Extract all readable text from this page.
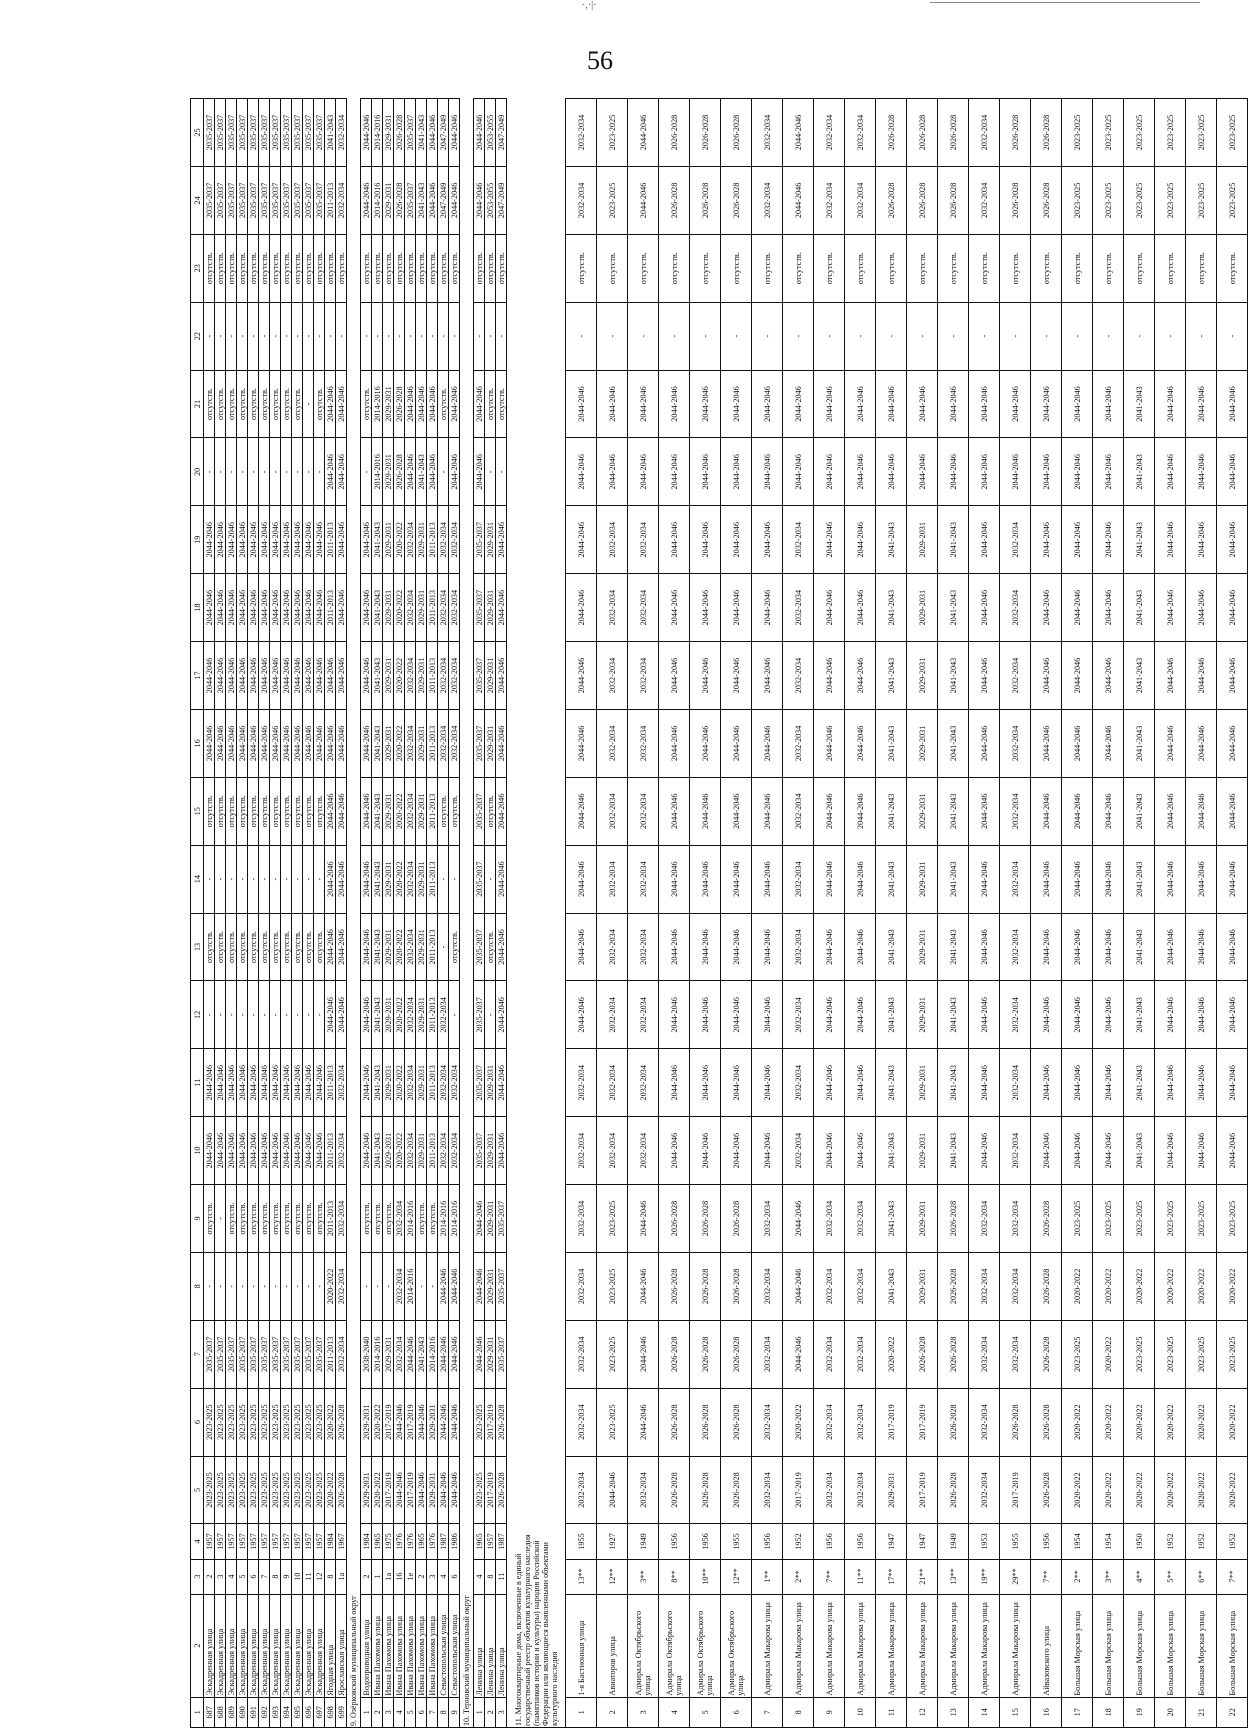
·,·|·
56
1	2	3	4	5	6	7	8	9	10	11	12	13	14	15	16	17	18	19	20	21	22	23	24	25
687	Эскадренная улица	2	1957	2023-2025	2023-2025	2035-2037	-	отсутств.	2044-2046	2044-2046	-	отсутств.	-	отсутств.	2044-2046	2044-2046	2044-2046	2044-2046	-	отсутств.	-	отсутств.	2035-2037	2035-2037
688	Эскадренная улица	3	1957	2023-2025	2023-2025	2035-2037	-	-	2044-2046	2044-2046	-	отсутств.	-	отсутств.	2044-2046	2044-2046	2044-2046	2044-2046	-	отсутств.	-	отсутств.	2035-2037	2035-2037
689	Эскадренная улица	4	1957	2023-2025	2023-2025	2035-2037	-	отсутств.	2044-2046	2044-2046	-	отсутств.	-	отсутств.	2044-2046	2044-2046	2044-2046	2044-2046	-	отсутств.	-	отсутств.	2035-2037	2035-2037
690	Эскадренная улица	5	1957	2023-2025	2023-2025	2035-2037	-	отсутств.	2044-2046	2044-2046	-	отсутств.	-	отсутств.	2044-2046	2044-2046	2044-2046	2044-2046	-	отсутств.	-	отсутств.	2035-2037	2035-2037
691	Эскадренная улица	6	1957	2023-2025	2023-2025	2035-2037	-	отсутств.	2044-2046	2044-2046	-	отсутств.	-	отсутств.	2044-2046	2044-2046	2044-2046	2044-2046	-	отсутств.	-	отсутств.	2035-2037	2035-2037
692	Эскадренная улица	7	1957	2023-2025	2023-2025	2035-2037	-	отсутств.	2044-2046	2044-2046	-	отсутств.	-	отсутств.	2044-2046	2044-2046	2044-2046	2044-2046	-	отсутств.	-	отсутств.	2035-2037	2035-2037
693	Эскадренная улица	8	1957	2023-2025	2023-2025	2035-2037	-	отсутств.	2044-2046	2044-2046	-	отсутств.	-	отсутств.	2044-2046	2044-2046	2044-2046	2044-2046	-	отсутств.	-	отсутств.	2035-2037	2035-2037
694	Эскадренная улица	9	1957	2023-2025	2023-2025	2035-2037	-	отсутств.	2044-2046	2044-2046	-	отсутств.	-	отсутств.	2044-2046	2044-2046	2044-2046	2044-2046	-	отсутств.	-	отсутств.	2035-2037	2035-2037
695	Эскадренная улица	10	1957	2023-2025	2023-2025	2035-2037	-	отсутств.	2044-2046	2044-2046	-	отсутств.	-	отсутств.	2044-2046	2044-2046	2044-2046	2044-2046	-	отсутств.	-	отсутств.	2035-2037	2035-2037
696	Эскадренная улица	11	1957	2023-2025	2023-2025	2035-2037	-	отсутств.	2044-2046	2044-2046	-	отсутств.	-	отсутств.	2044-2046	2044-2046	2044-2046	2044-2046	-	-	-	отсутств.	2035-2037	2035-2037
697	Эскадренная улица	12	1957	2023-2025	2023-2025	2035-2037	-	отсутств.	2044-2046	2044-2046	-	отсутств.	-	отсутств.	2044-2046	2044-2046	2044-2046	2044-2046	-	отсутств.	-	отсутств.	2035-2037	2035-2037
698	Ягодная улица	8	1984	2020-2022	2020-2022	2011-2013	2020-2022	2011-2013	2011-2013	2011-2013	2044-2046	2044-2046	2044-2046	2044-2046	2044-2046	2044-2046	2011-2013	2011-2013	2044-2046	2044-2046	-	отсутств.	2011-2013	2041-2043
699	Ярославская улица	1а	1967	2026-2028	2026-2028	2032-2034	2032-2034	2032-2034	2032-2034	2032-2034	2044-2046	2044-2046	2044-2046	2044-2046	2044-2046	2044-2046	2044-2046	2044-2046	2044-2046	2044-2046	-	отсутств.	2032-2034	2032-2034
9. Озёрковский муниципальный округ																								
1	Водопроводная улица	2	1984	2029-2031	2029-2031	2038-2040	-	отсутств.	2044-2046	2044-2046	2044-2046	2044-2046	2044-2046	2044-2046	2044-2046	2044-2046	2044-2046	2044-2046	-	отсутств.	-	отсутств.	2044-2046	2044-2046
2	Ивана Пахомова улица	1	1965	2020-2022	2020-2022	2014-2016	-	отсутств.	2041-2043	2041-2043	2041-2043	2041-2043	2041-2043	2041-2043	2041-2043	2041-2043	2041-2043	2041-2043	2014-2016	2014-2016	-	отсутств.	2014-2016	2014-2016
3	Ивана Пахомова улица	1а	1975	2017-2019	2017-2019	2029-2031	-	отсутств.	2029-2031	2029-2031	2029-2031	2029-2031	2029-2031	2029-2031	2029-2031	2029-2031	2029-2031	2029-2031	2029-2031	2029-2031	-	отсутств.	2029-2031	2029-2031
4	Ивана Пахомова улица	16	1976	2044-2046	2044-2046	2032-2034	2032-2034	2032-2034	2020-2022	2020-2022	2020-2022	2020-2022	2020-2022	2020-2022	2020-2022	2020-2022	2020-2022	2020-2022	2026-2028	2026-2028	-	отсутств.	2026-2028	2026-2028
5	Ивана Пахомова улица	1е	1976	2017-2019	2017-2019	2044-2046	2014-2016	2014-2016	2032-2034	2032-2034	2032-2034	2032-2034	2032-2034	2032-2034	2032-2034	2032-2034	2032-2034	2032-2034	2044-2046	2044-2046	-	отсутств.	2035-2037	2035-2037
6	Ивана Пахомова улица	2	1965	2044-2046	2044-2046	2041-2043	-	отсутств.	2029-2031	2029-2031	2029-2031	2029-2031	2029-2031	2029-2031	2029-2031	2029-2031	2029-2031	2029-2031	2041-2043	2044-2046	-	отсутств.	2041-2043	2041-2043
7	Ивана Пахомова улица	3	1976	2029-2031	2029-2031	2014-2016	-	отсутств.	2011-2013	2011-2013	2011-2013	2011-2013	2011-2013	2011-2013	2011-2013	2011-2013	2011-2013	2011-2013	2044-2046	2044-2046	-	отсутств.	2044-2046	2044-2046
8	Севастопольская улица	4	1987	2044-2046	2044-2046	2044-2046	2044-2046	2014-2016	2032-2034	2032-2034	2032-2034	-	-	отсутств.	2032-2034	2032-2034	2032-2034	2032-2034	-	отсутств.	-	отсутств.	2047-2049	2047-2049
9	Севастопольская улица	6	1986	2044-2046	2044-2046	2044-2046	2044-2046	2014-2016	2032-2034	2032-2034	-	отсутств.	-	отсутств.	2032-2034	2032-2034	2032-2034	2032-2034	2044-2046	2044-2046	-	отсутств.	2044-2046	2044-2046
10. Терновский муниципальный округ																								
1	Ленина улица	4	1965	2023-2025	2023-2025	2044-2046	2044-2046	2044-2046	2035-2037	2035-2037	2035-2037	2035-2037	2035-2037	2035-2037	2035-2037	2035-2037	2035-2037	2035-2037	2044-2046	2044-2046	-	отсутств.	2044-2046	2044-2046
2	Ленина улица	8	1957	2017-2019	2017-2019	2029-2031	2029-2031	2029-2031	2029-2031	2029-2031	-	отсутств.	-	отсутств.	2029-2031	2029-2031	2029-2031	2029-2031	-	отсутств.	-	отсутств.	2053-2055	2053-2055
3	Ленина улица	11	1987	2026-2028	2026-2028	2035-2037	2035-2037	2035-2037	2044-2046	2044-2046	2044-2046	2044-2046	2044-2046	2044-2046	2044-2046	2044-2046	2044-2046	2044-2046	-	отсутств.	-	отсутств.	2047-2049	2047-2049
11. Многоквартирные дома, включенные в единый государственный реестр объектов культурного наследия (памятников истории и культуры) народов Российской Федерации или являющиеся выявленными объектами культурного наследия																								
1	1-я Бастионная улица	13**	1955	2032-2034	2032-2034	2032-2034	2032-2034	2032-2034	2032-2034	2032-2034	2044-2046	2044-2046	2044-2046	2044-2046	2044-2046	2044-2046	2044-2046	2044-2046	2044-2046	2044-2046	-	отсутств.	2032-2034	2032-2034
2	Авиаторов улица	12**	1927	2044-2046	2023-2025	2023-2025	2023-2025	2023-2025	2032-2034	2032-2034	2032-2034	2032-2034	2032-2034	2032-2034	2032-2034	2032-2034	2032-2034	2032-2034	2044-2046	2044-2046	-	отсутств.	2023-2025	2023-2025
3	Адмирала Октябрьского улица	3**	1949	2032-2034	2044-2046	2044-2046	2044-2046	2044-2046	2032-2034	2032-2034	2032-2034	2032-2034	2032-2034	2032-2034	2032-2034	2032-2034	2032-2034	2032-2034	2044-2046	2044-2046	-	отсутств.	2044-2046	2044-2046
4	Адмирала Октябрьского улица	8**	1956	2026-2028	2026-2028	2026-2028	2026-2028	2026-2028	2044-2046	2044-2046	2044-2046	2044-2046	2044-2046	2044-2046	2044-2046	2044-2046	2044-2046	2044-2046	2044-2046	2044-2046	-	отсутств.	2026-2028	2026-2028
5	Адмирала Октябрьского улица	10**	1956	2026-2028	2026-2028	2026-2028	2026-2028	2026-2028	2044-2046	2044-2046	2044-2046	2044-2046	2044-2046	2044-2046	2044-2046	2044-2046	2044-2046	2044-2046	2044-2046	2044-2046	-	отсутств.	2026-2028	2026-2028
6	Адмирала Октябрьского улица	12**	1955	2026-2028	2026-2028	2026-2028	2026-2028	2026-2028	2044-2046	2044-2046	2044-2046	2044-2046	2044-2046	2044-2046	2044-2046	2044-2046	2044-2046	2044-2046	2044-2046	2044-2046	-	отсутств.	2026-2028	2026-2028
7	Адмирала Макарова улица	1**	1956	2032-2034	2032-2034	2032-2034	2032-2034	2032-2034	2044-2046	2044-2046	2044-2046	2044-2046	2044-2046	2044-2046	2044-2046	2044-2046	2044-2046	2044-2046	2044-2046	2044-2046	-	отсутств.	2032-2034	2032-2034
8	Адмирала Макарова улица	2**	1952	2017-2019	2020-2022	2044-2046	2044-2046	2044-2046	2032-2034	2032-2034	2032-2034	2032-2034	2032-2034	2032-2034	2032-2034	2032-2034	2032-2034	2032-2034	2044-2046	2044-2046	-	отсутств.	2044-2046	2044-2046
9	Адмирала Макарова улица	7**	1956	2032-2034	2032-2034	2032-2034	2032-2034	2032-2034	2044-2046	2044-2046	2044-2046	2044-2046	2044-2046	2044-2046	2044-2046	2044-2046	2044-2046	2044-2046	2044-2046	2044-2046	-	отсутств.	2032-2034	2032-2034
10	Адмирала Макарова улица	11**	1956	2032-2034	2032-2034	2032-2034	2032-2034	2032-2034	2044-2046	2044-2046	2044-2046	2044-2046	2044-2046	2044-2046	2044-2046	2044-2046	2044-2046	2044-2046	2044-2046	2044-2046	-	отсутств.	2032-2034	2032-2034
11	Адмирала Макарова улица	17**	1947	2029-2031	2017-2019	2020-2022	2041-2043	2041-2043	2041-2043	2041-2043	2041-2043	2041-2043	2041-2043	2041-2043	2041-2043	2041-2043	2041-2043	2041-2043	2044-2046	2044-2046	-	отсутств.	2026-2028	2026-2028
12	Адмирала Макарова улица	21**	1947	2017-2019	2017-2019	2026-2028	2029-2031	2029-2031	2029-2031	2029-2031	2029-2031	2029-2031	2029-2031	2029-2031	2029-2031	2029-2031	2029-2031	2029-2031	2044-2046	2044-2046	-	отсутств.	2026-2028	2026-2028
13	Адмирала Макарова улица	13**	1949	2026-2028	2026-2028	2026-2028	2026-2028	2026-2028	2041-2043	2041-2043	2041-2043	2041-2043	2041-2043	2041-2043	2041-2043	2041-2043	2041-2043	2041-2043	2044-2046	2044-2046	-	отсутств.	2026-2028	2026-2028
14	Адмирала Макарова улица	19**	1953	2032-2034	2032-2034	2032-2034	2032-2034	2032-2034	2044-2046	2044-2046	2044-2046	2044-2046	2044-2046	2044-2046	2044-2046	2044-2046	2044-2046	2044-2046	2044-2046	2044-2046	-	отсутств.	2032-2034	2032-2034
15	Адмирала Макарова улица	29**	1955	2017-2019	2026-2028	2032-2034	2032-2034	2032-2034	2032-2034	2032-2034	2032-2034	2032-2034	2032-2034	2032-2034	2032-2034	2032-2034	2032-2034	2032-2034	2044-2046	2044-2046	-	отсутств.	2026-2028	2026-2028
16	Айвазовского улица	7**	1956	2026-2028	2026-2028	2026-2028	2026-2028	2026-2028	2044-2046	2044-2046	2044-2046	2044-2046	2044-2046	2044-2046	2044-2046	2044-2046	2044-2046	2044-2046	2044-2046	2044-2046	-	отсутств.	2026-2028	2026-2028
17	Большая Морская улица	2**	1954	2020-2022	2020-2022	2023-2025	2020-2022	2023-2025	2044-2046	2044-2046	2044-2046	2044-2046	2044-2046	2044-2046	2044-2046	2044-2046	2044-2046	2044-2046	2044-2046	2044-2046	-	отсутств.	2023-2025	2023-2025
18	Большая Морская улица	3**	1954	2020-2022	2020-2022	2020-2022	2020-2022	2023-2025	2044-2046	2044-2046	2044-2046	2044-2046	2044-2046	2044-2046	2044-2046	2044-2046	2044-2046	2044-2046	2044-2046	2044-2046	-	отсутств.	2023-2025	2023-2025
19	Большая Морская улица	4**	1950	2020-2022	2020-2022	2023-2025	2020-2022	2023-2025	2041-2043	2041-2043	2041-2043	2041-2043	2041-2043	2041-2043	2041-2043	2041-2043	2041-2043	2041-2043	2041-2043	2041-2043	-	отсутств.	2023-2025	2023-2025
20	Большая Морская улица	5**	1952	2020-2022	2020-2022	2023-2025	2020-2022	2023-2025	2044-2046	2044-2046	2044-2046	2044-2046	2044-2046	2044-2046	2044-2046	2044-2046	2044-2046	2044-2046	2044-2046	2044-2046	-	отсутств.	2023-2025	2023-2025
21	Большая Морская улица	6**	1952	2020-2022	2020-2022	2023-2025	2020-2022	2023-2025	2044-2046	2044-2046	2044-2046	2044-2046	2044-2046	2044-2046	2044-2046	2044-2046	2044-2046	2044-2046	2044-2046	2044-2046	-	отсутств.	2023-2025	2023-2025
22	Большая Морская улица	7**	1952	2020-2022	2020-2022	2023-2025	2020-2022	2023-2025	2044-2046	2044-2046	2044-2046	2044-2046	2044-2046	2044-2046	2044-2046	2044-2046	2044-2046	2044-2046	2044-2046	2044-2046	-	отсутств.	2023-2025	2023-2025
